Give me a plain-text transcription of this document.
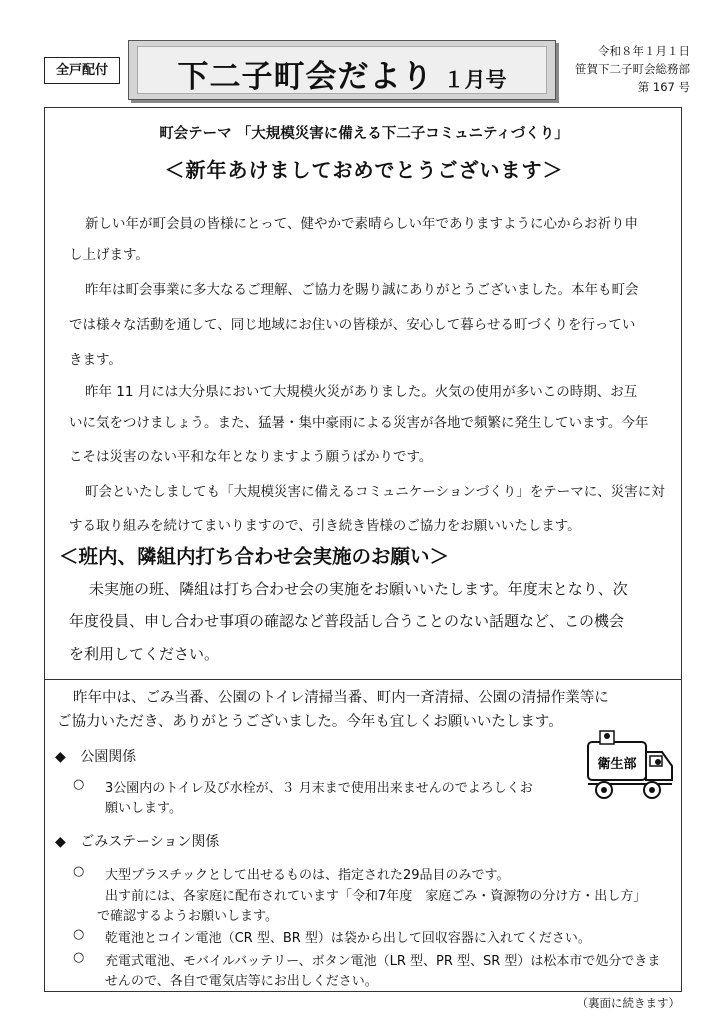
全戸配付	下二子町会だより １月号
令和８年１月１日
笹賀下二子町会総務部
第 167 号
町会テーマ 「大規模災害に備える下二子コミュニティづくり」
＜新年あけましておめでとうございます＞
新しい年が町会員の皆様にとって、健やかで素晴らしい年でありますように心からお祈り申
し上げます。
昨年は町会事業に多大なるご理解、ご協力を賜り誠にありがとうございました。本年も町会
では様々な活動を通して、同じ地域にお住いの皆様が、安心して暮らせる町づくりを行ってい
きます。
昨年 11 月には大分県において大規模火災がありました。火気の使用が多いこの時期、お互
いに気をつけましょう。また、猛暑・集中豪雨による災害が各地で頻繁に発生しています。今年
こそは災害のない平和な年となりますよう願うばかりです。
町会といたしましても「大規模災害に備えるコミュニケーションづくり」をテーマに、災害に対
する取り組みを続けてまいりますので、引き続き皆様のご協力をお願いいたします。
＜班内、隣組内打ち合わせ会実施のお願い＞
未実施の班、隣組は打ち合わせ会の実施をお願いいたします。年度末となり、次
年度役員、申し合わせ事項の確認など普段話し合うことのない話題など、この機会
を利用してください。
昨年中は、ごみ当番、公園のトイレ清掃当番、町内一斉清掃、公園の清掃作業等に
ご協力いただき、ありがとうございました。今年も宜しくお願いいたします。
◆ 公園関係
○ 3公園内のトイレ及び水栓が、３ 月末まで使用出来ませんのでよろしくお
願いします。
◆ ごみステーション関係
○ 大型プラスチックとして出せるものは、指定された29品目のみです。
出す前には、各家庭に配布されています「令和7年度　家庭ごみ・資源物の分け方・出し方」
で確認するようお願いします。
○ 乾電池とコイン電池（CR 型、BR 型）は袋から出して回収容器に入れてください。
○ 充電式電池、モバイルバッテリー、ボタン電池（LR 型、PR 型、SR 型）は松本市で処分できま
せんので、各自で電気店等にお出しください。
衛生部
（裏面に続きます）
